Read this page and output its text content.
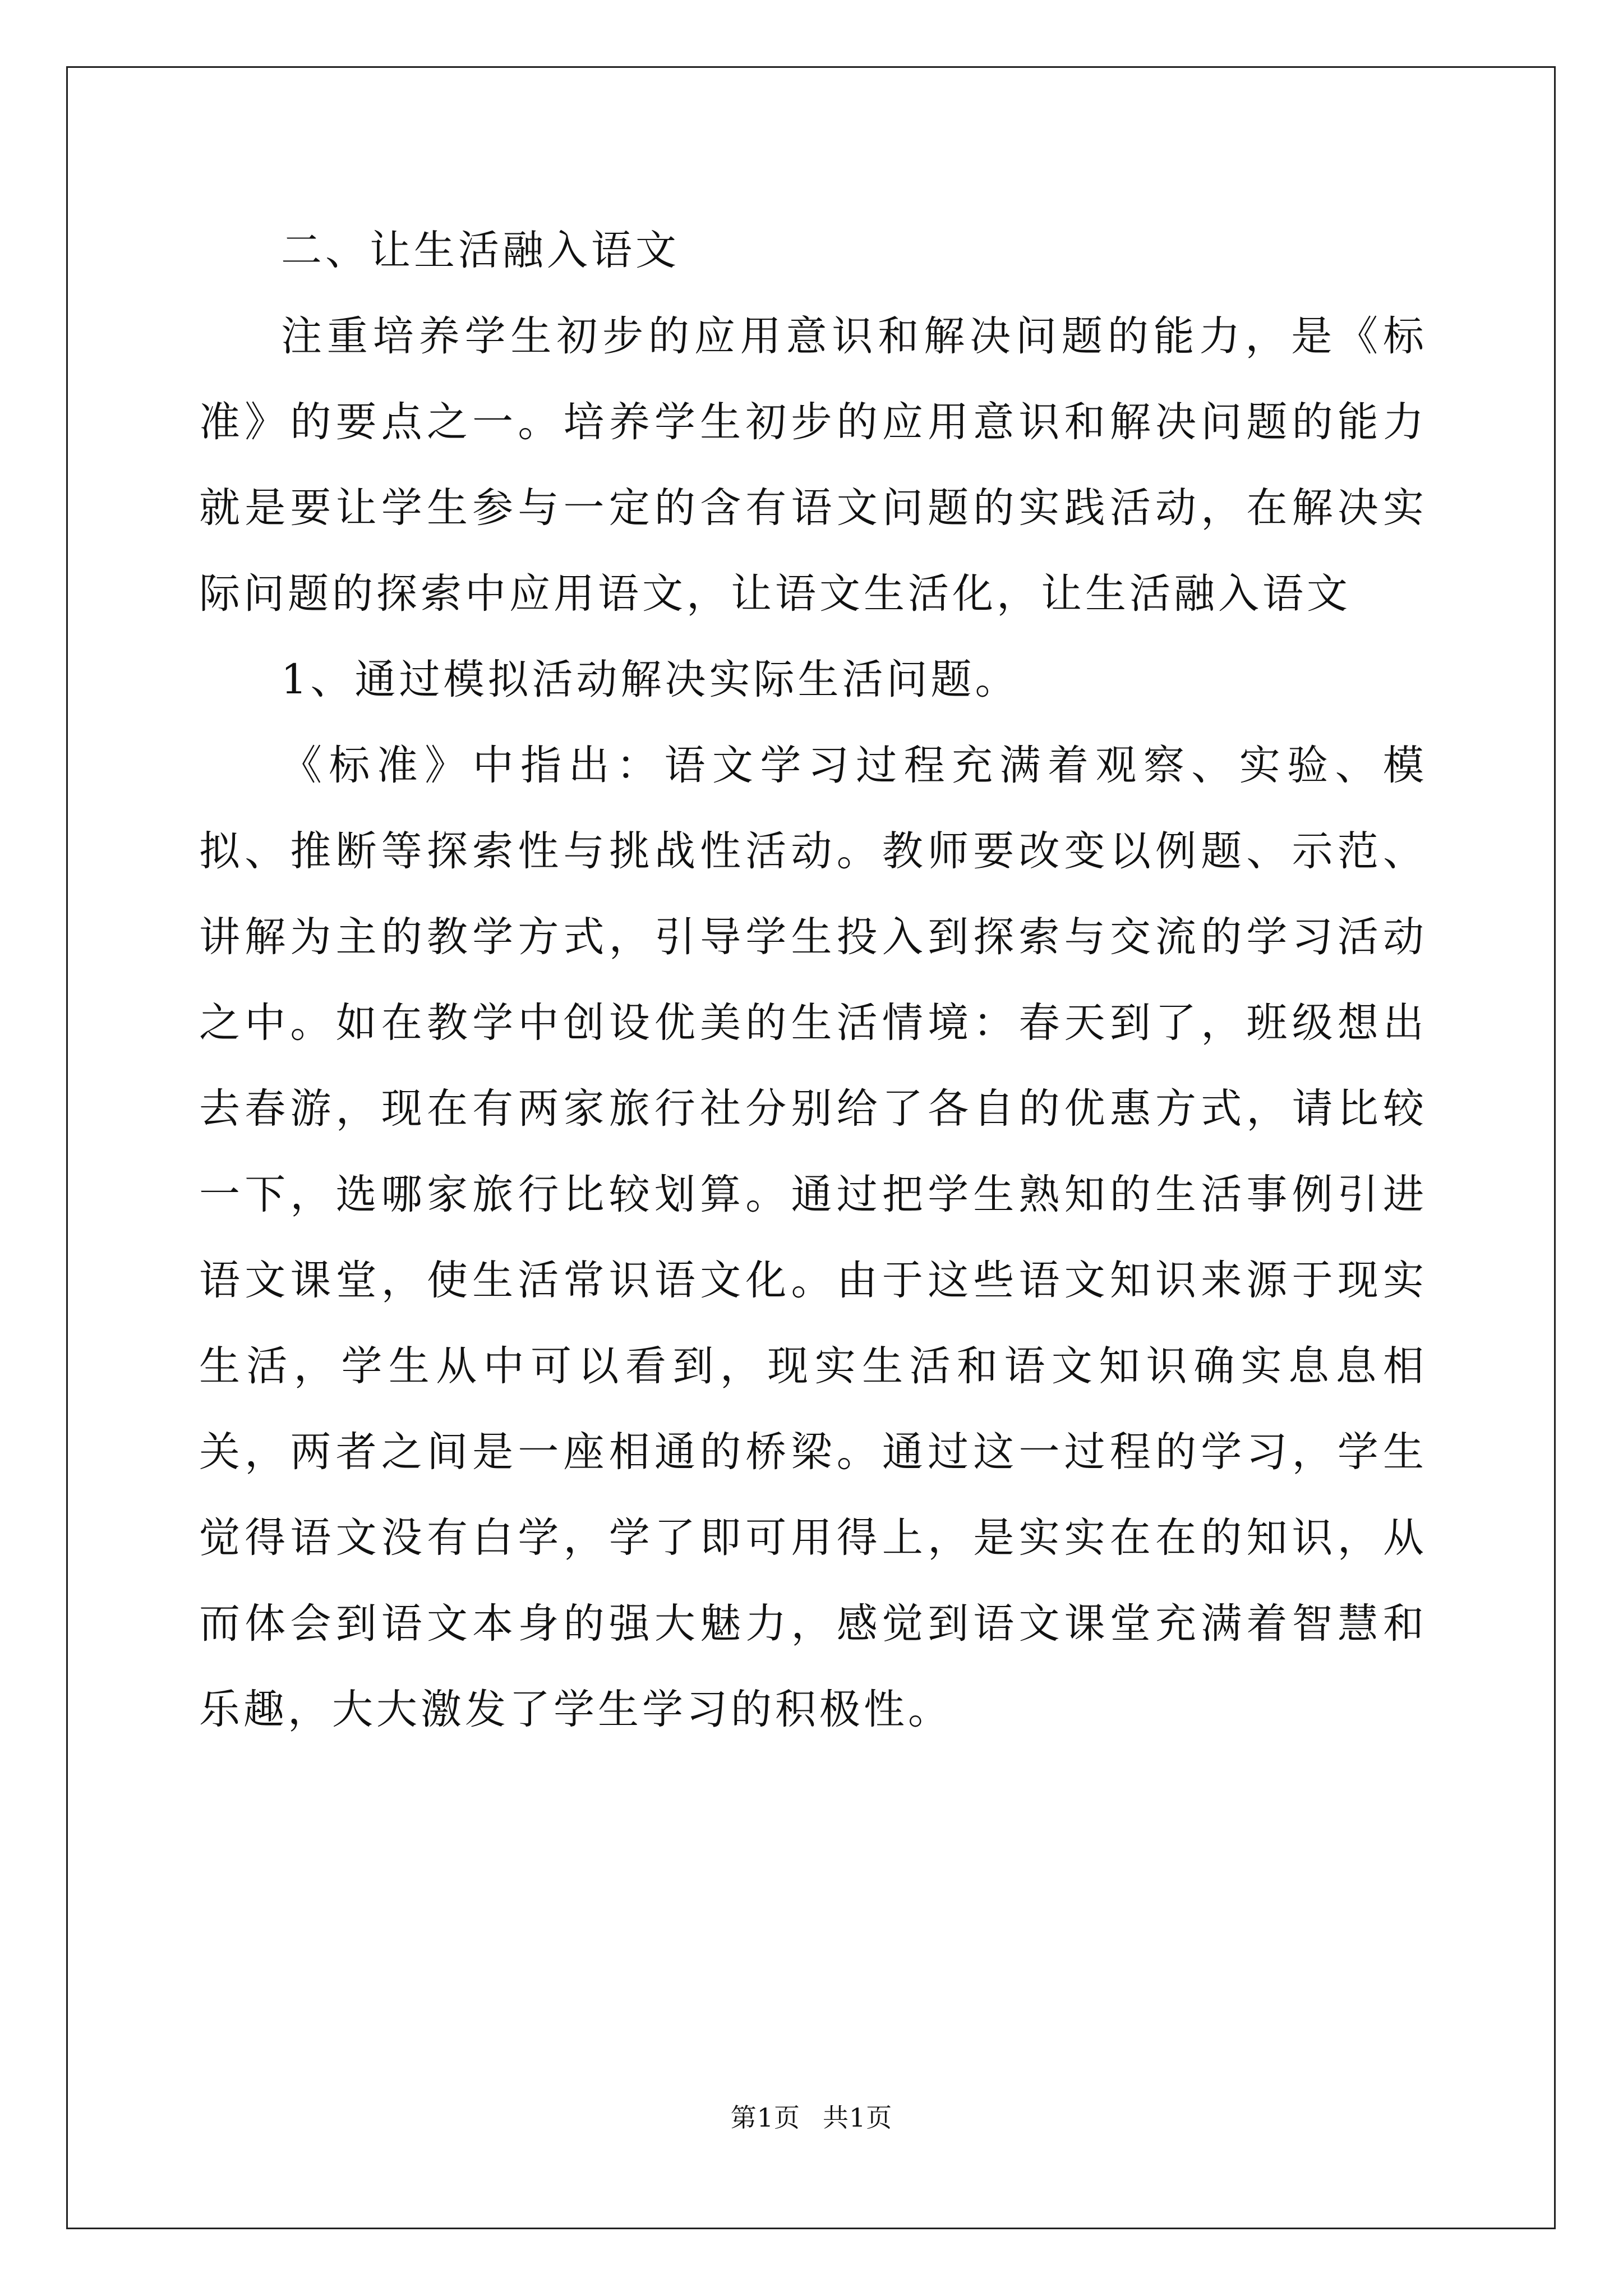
二、让生活融入语文

注重培养学生初步的应用意识和解决问题的能力，是《标准》的要点之一。培养学生初步的应用意识和解决问题的能力就是要让学生参与一定的含有语文问题的实践活动，在解决实际问题的探索中应用语文，让语文生活化，让生活融入语文

1、通过模拟活动解决实际生活问题。

《标准》中指出：语文学习过程充满着观察、实验、模拟、推断等探索性与挑战性活动。教师要改变以例题、示范、讲解为主的教学方式，引导学生投入到探索与交流的学习活动之中。如在教学中创设优美的生活情境：春天到了，班级想出去春游，现在有两家旅行社分别给了各自的优惠方式，请比较一下，选哪家旅行比较划算。通过把学生熟知的生活事例引进语文课堂，使生活常识语文化。由于这些语文知识来源于现实生活，学生从中可以看到，现实生活和语文知识确实息息相关，两者之间是一座相通的桥梁。通过这一过程的学习，学生觉得语文没有白学，学了即可用得上，是实实在在的知识，从而体会到语文本身的强大魅力，感觉到语文课堂充满着智慧和乐趣，大大激发了学生学习的积极性。

第1页 共1页
